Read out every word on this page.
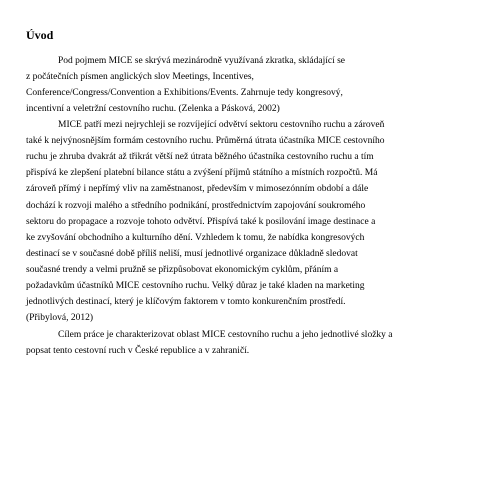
Úvod

Pod pojmem MICE se skrývá mezinárodně využívaná zkratka, skládající se

z počátečních písmen anglických slov Meetings, Incentives,

Conference/Congress/Convention a Exhibitions/Events. Zahrnuje tedy kongresový,

incentivní a veletržní cestovního ruchu. (Zelenka a Pásková, 2002)

MICE patří mezi nejrychleji se rozvíjející odvětví sektoru cestovního ruchu a zároveň

také k nejvýnosnějším formám cestovního ruchu. Průměrná útrata účastníka MICE cestovního

ruchu je zhruba dvakrát až třikrát větší než útrata běžného účastníka cestovního ruchu a tím

přispívá ke zlepšení platební bilance státu a zvýšení příjmů státního a místních rozpočtů. Má

zároveň přímý i nepřímý vliv na zaměstnanost, především v mimosezónním období a dále

dochází k rozvoji malého a středního podnikání, prostřednictvím zapojování soukromého

sektoru do propagace a rozvoje tohoto odvětví. Přispívá také k posilování image destinace a

ke zvyšování obchodního a kulturního dění. Vzhledem k tomu, že nabídka kongresových

destinací se v současné době příliš neliší, musí jednotlivé organizace důkladně sledovat

současné trendy a velmi pružně se přizpůsobovat ekonomickým cyklům, přáním a

požadavkům účastníků MICE cestovního ruchu. Velký důraz je také kladen na marketing

jednotlivých destinací, který je klíčovým faktorem v tomto konkurenčním prostředí.

(Přibylová, 2012)

Cílem práce je charakterizovat oblast MICE cestovního ruchu a jeho jednotlivé složky a

popsat tento cestovní ruch v České republice a v zahraničí.
